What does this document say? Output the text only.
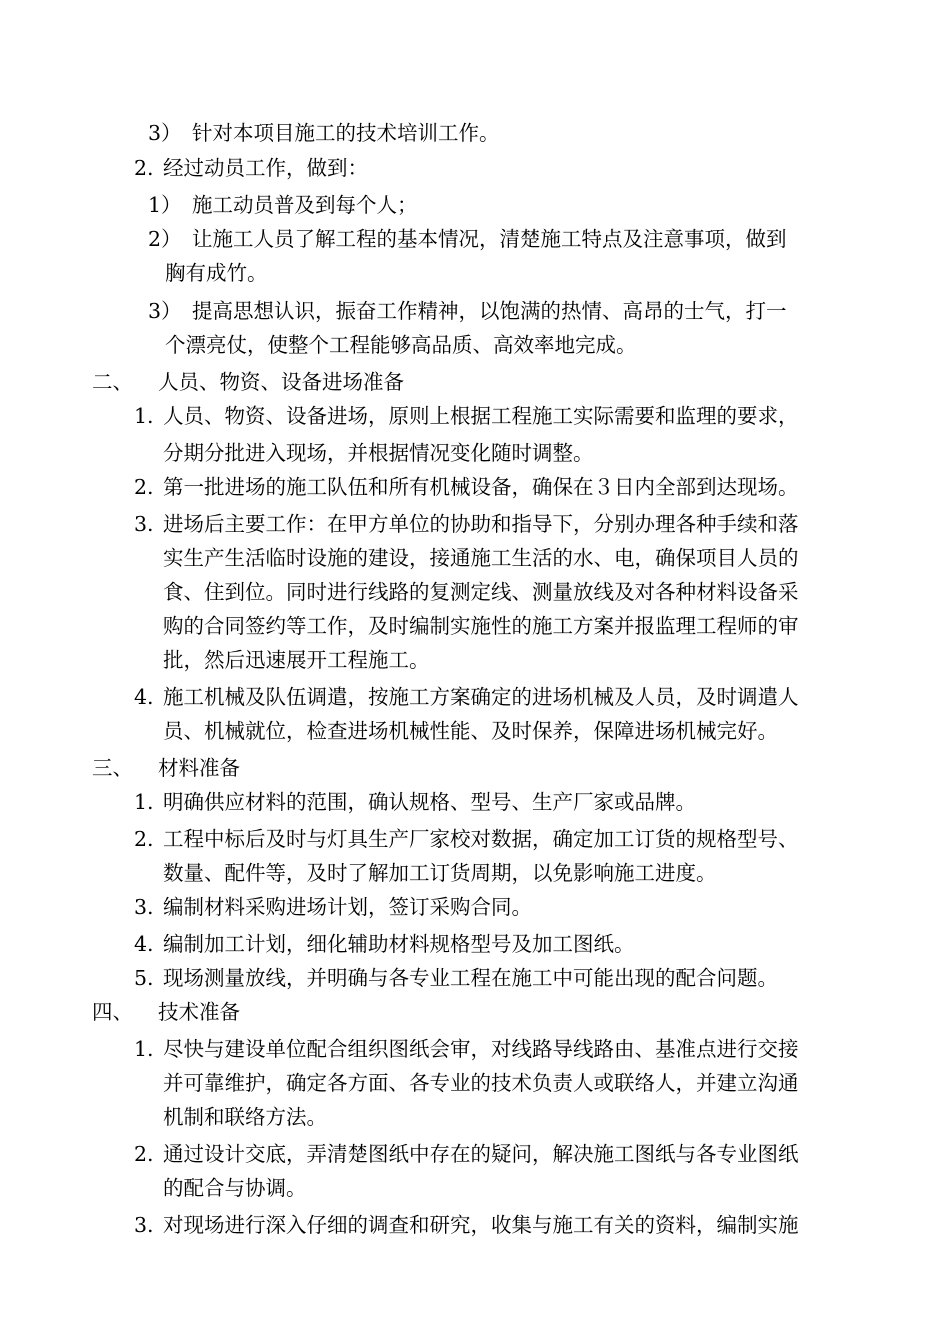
3） 针对本项目施工的技术培训工作。
2. 经过动员工作，做到：
1） 施工动员普及到每个人；
2） 让施工人员了解工程的基本情况，清楚施工特点及注意事项，做到
胸有成竹。
3） 提高思想认识，振奋工作精神，以饱满的热情、高昂的士气，打一
个漂亮仗，使整个工程能够高品质、高效率地完成。
二、 人员、物资、设备进场准备
1. 人员、物资、设备进场，原则上根据工程施工实际需要和监理的要求，
分期分批进入现场，并根据情况变化随时调整。
2. 第一批进场的施工队伍和所有机械设备，确保在３日内全部到达现场。
3. 进场后主要工作：在甲方单位的协助和指导下，分别办理各种手续和落
实生产生活临时设施的建设，接通施工生活的水、电，确保项目人员的
食、住到位。同时进行线路的复测定线、测量放线及对各种材料设备采
购的合同签约等工作，及时编制实施性的施工方案并报监理工程师的审
批，然后迅速展开工程施工。
4. 施工机械及队伍调遣，按施工方案确定的进场机械及人员，及时调遣人
员、机械就位，检查进场机械性能、及时保养，保障进场机械完好。
三、 材料准备
1. 明确供应材料的范围，确认规格、型号、生产厂家或品牌。
2. 工程中标后及时与灯具生产厂家校对数据，确定加工订货的规格型号、
数量、配件等，及时了解加工订货周期，以免影响施工进度。
3. 编制材料采购进场计划，签订采购合同。
4. 编制加工计划，细化辅助材料规格型号及加工图纸。
5. 现场测量放线，并明确与各专业工程在施工中可能出现的配合问题。
四、 技术准备
1. 尽快与建设单位配合组织图纸会审，对线路导线路由、基准点进行交接
并可靠维护，确定各方面、各专业的技术负责人或联络人，并建立沟通
机制和联络方法。
2. 通过设计交底，弄清楚图纸中存在的疑问，解决施工图纸与各专业图纸
的配合与协调。
3. 对现场进行深入仔细的调查和研究，收集与施工有关的资料，编制实施
